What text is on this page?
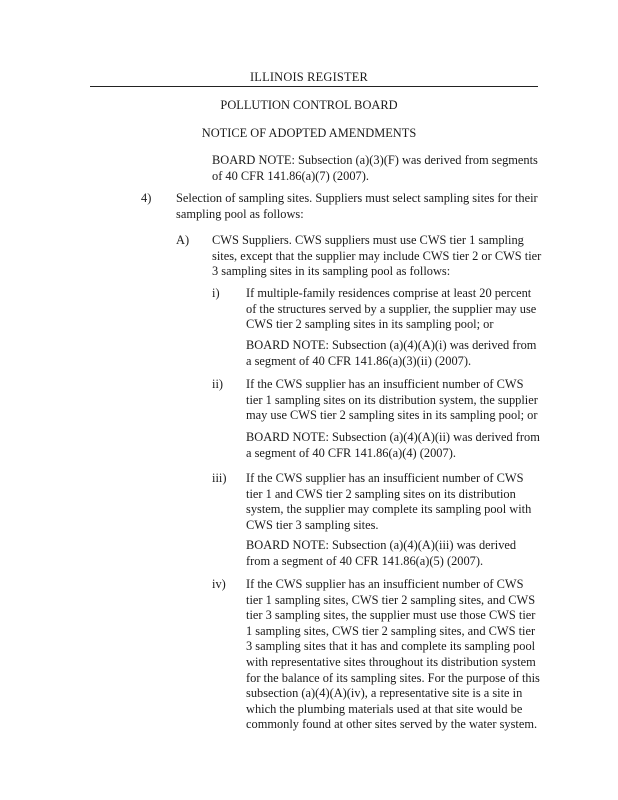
ILLINOIS REGISTER
POLLUTION CONTROL BOARD
NOTICE OF ADOPTED AMENDMENTS

BOARD NOTE: Subsection (a)(3)(F) was derived from segments of 40 CFR 141.86(a)(7) (2007).

4) Selection of sampling sites. Suppliers must select sampling sites for their sampling pool as follows:

A) CWS Suppliers. CWS suppliers must use CWS tier 1 sampling sites, except that the supplier may include CWS tier 2 or CWS tier 3 sampling sites in its sampling pool as follows:

i) If multiple-family residences comprise at least 20 percent of the structures served by a supplier, the supplier may use CWS tier 2 sampling sites in its sampling pool; or

BOARD NOTE: Subsection (a)(4)(A)(i) was derived from a segment of 40 CFR 141.86(a)(3)(ii) (2007).

ii) If the CWS supplier has an insufficient number of CWS tier 1 sampling sites on its distribution system, the supplier may use CWS tier 2 sampling sites in its sampling pool; or

BOARD NOTE: Subsection (a)(4)(A)(ii) was derived from a segment of 40 CFR 141.86(a)(4) (2007).

iii) If the CWS supplier has an insufficient number of CWS tier 1 and CWS tier 2 sampling sites on its distribution system, the supplier may complete its sampling pool with CWS tier 3 sampling sites.

BOARD NOTE: Subsection (a)(4)(A)(iii) was derived from a segment of 40 CFR 141.86(a)(5) (2007).

iv) If the CWS supplier has an insufficient number of CWS tier 1 sampling sites, CWS tier 2 sampling sites, and CWS tier 3 sampling sites, the supplier must use those CWS tier 1 sampling sites, CWS tier 2 sampling sites, and CWS tier 3 sampling sites that it has and complete its sampling pool with representative sites throughout its distribution system for the balance of its sampling sites. For the purpose of this subsection (a)(4)(A)(iv), a representative site is a site in which the plumbing materials used at that site would be commonly found at other sites served by the water system.
